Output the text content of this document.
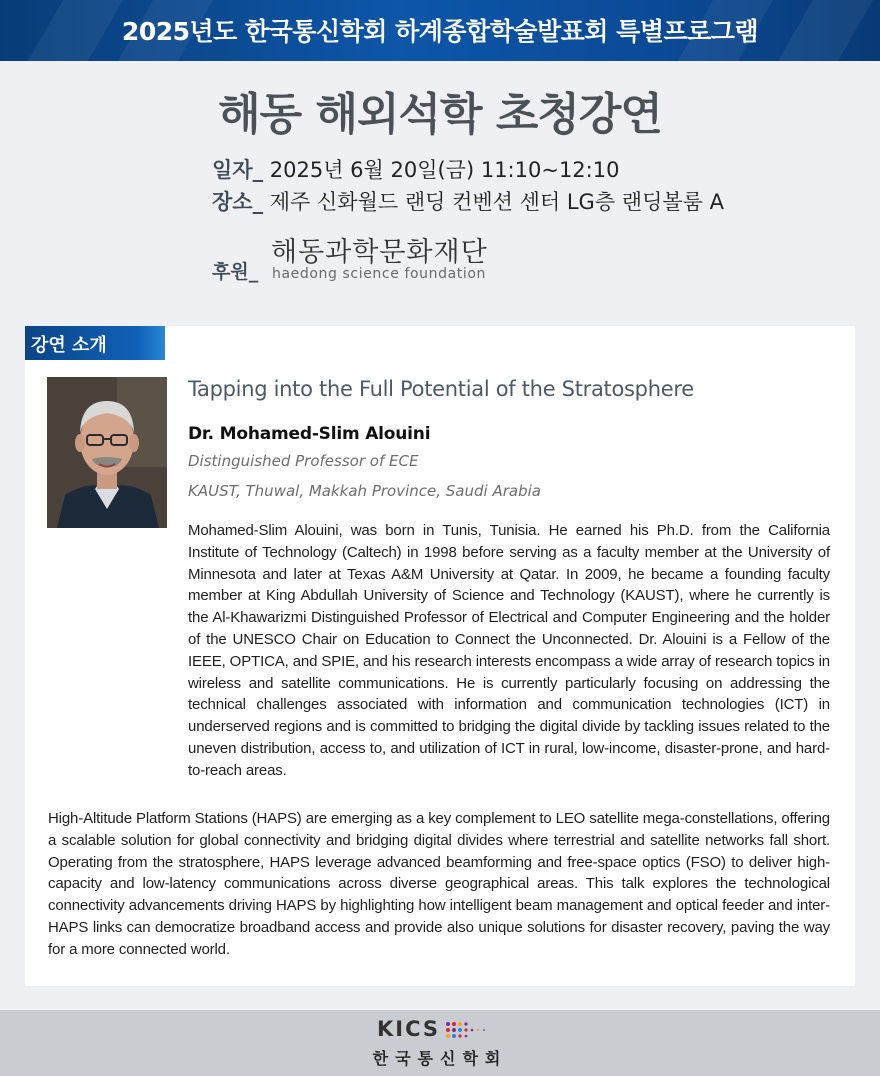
2025년도 한국통신학회 하계종합학술발표회 특별프로그램
해동 해외석학 초청강연
일자_ 2025년 6월 20일(금) 11:10~12:10
장소_ 제주 신화월드 랜딩 컨벤션 센터 LG층 랜딩볼룸 A
후원_
해동과학문화재단
haedong science foundation
강연 소개
Tapping into the Full Potential of the Stratosphere
Dr. Mohamed-Slim Alouini
Distinguished Professor of ECE
KAUST, Thuwal, Makkah Province, Saudi Arabia
Mohamed-Slim Alouini, was born in Tunis, Tunisia. He earned his Ph.D. from the California Institute of Technology (Caltech) in 1998 before serving as a faculty member at the University of Minnesota and later at Texas A&M University at Qatar. In 2009, he became a founding faculty member at King Abdullah University of Science and Technology (KAUST), where he currently is the Al-Khawarizmi Distinguished Professor of Electrical and Computer Engineering and the holder of the UNESCO Chair on Education to Connect the Unconnected. Dr. Alouini is a Fellow of the IEEE, OPTICA, and SPIE, and his research interests encompass a wide array of research topics in wireless and satellite communications. He is currently particularly focusing on addressing the technical challenges associated with information and communication technologies (ICT) in underserved regions and is committed to bridging the digital divide by tackling issues related to the uneven distribution, access to, and utilization of ICT in rural, low-income, disaster-prone, and hard-to-reach areas.
High-Altitude Platform Stations (HAPS) are emerging as a key complement to LEO satellite mega-constellations, offering a scalable solution for global connectivity and bridging digital divides where terrestrial and satellite networks fall short. Operating from the stratosphere, HAPS leverage advanced beamforming and free-space optics (FSO) to deliver high-capacity and low-latency communications across diverse geographical areas. This talk explores the technological connectivity advancements driving HAPS by highlighting how intelligent beam management and optical feeder and inter-HAPS links can democratize broadband access and provide also unique solutions for disaster recovery, paving the way for a more connected world.
KICS
한국통신학회
